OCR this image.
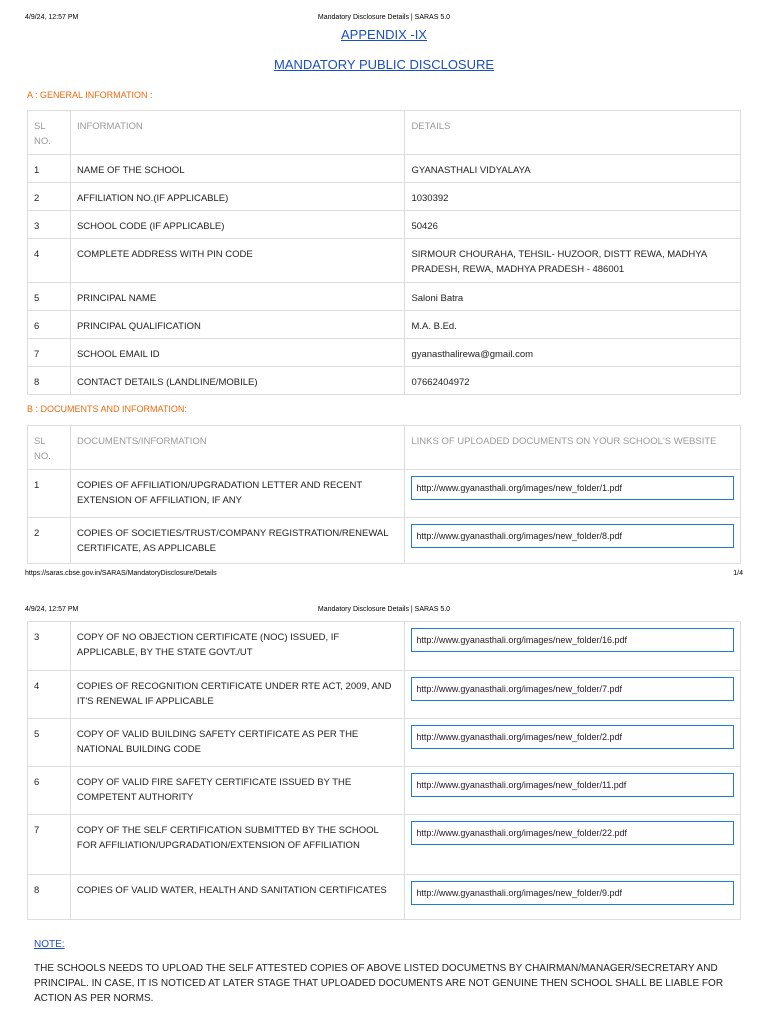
4/9/24, 12:57 PM	Mandatory Disclosure Details | SARAS 5.0
APPENDIX -IX
MANDATORY PUBLIC DISCLOSURE
A : GENERAL INFORMATION :
SL NO.	INFORMATION	DETAILS
1	NAME OF THE SCHOOL	GYANASTHALI VIDYALAYA
2	AFFILIATION NO.(IF APPLICABLE)	1030392
3	SCHOOL CODE (IF APPLICABLE)	50426
4	COMPLETE ADDRESS WITH PIN CODE	SIRMOUR CHOURAHA, TEHSIL- HUZOOR, DISTT REWA, MADHYA PRADESH, REWA, MADHYA PRADESH - 486001
5	PRINCIPAL NAME	Saloni Batra
6	PRINCIPAL QUALIFICATION	M.A. B.Ed.
7	SCHOOL EMAIL ID	gyanasthalirewa@gmail.com
8	CONTACT DETAILS (LANDLINE/MOBILE)	07662404972
B : DOCUMENTS AND INFORMATION:
SL NO.	DOCUMENTS/INFORMATION	LINKS OF UPLOADED DOCUMENTS ON YOUR SCHOOL'S WEBSITE
1	COPIES OF AFFILIATION/UPGRADATION LETTER AND RECENT EXTENSION OF AFFILIATION, IF ANY	http://www.gyanasthali.org/images/new_folder/1.pdf

2	COPIES OF SOCIETIES/TRUST/COMPANY REGISTRATION/RENEWAL CERTIFICATE, AS APPLICABLE	http://www.gyanasthali.org/images/new_folder/8.pdf
https://saras.cbse.gov.in/SARAS/MandatoryDisclosure/Details	1/4
4/9/24, 12:57 PM	Mandatory Disclosure Details | SARAS 5.0
3	COPY OF NO OBJECTION CERTIFICATE (NOC) ISSUED, IF APPLICABLE, BY THE STATE GOVT./UT	http://www.gyanasthali.org/images/new_folder/16.pdf

4	COPIES OF RECOGNITION CERTIFICATE UNDER RTE ACT, 2009, AND IT'S RENEWAL IF APPLICABLE	http://www.gyanasthali.org/images/new_folder/7.pdf

5	COPY OF VALID BUILDING SAFETY CERTIFICATE AS PER THE NATIONAL BUILDING CODE	http://www.gyanasthali.org/images/new_folder/2.pdf

6	COPY OF VALID FIRE SAFETY CERTIFICATE ISSUED BY THE COMPETENT AUTHORITY	http://www.gyanasthali.org/images/new_folder/11.pdf

7	COPY OF THE SELF CERTIFICATION SUBMITTED BY THE SCHOOL FOR AFFILIATION/UPGRADATION/EXTENSION OF AFFILIATION	http://www.gyanasthali.org/images/new_folder/22.pdf

8	COPIES OF VALID WATER, HEALTH AND SANITATION CERTIFICATES	http://www.gyanasthali.org/images/new_folder/9.pdf
NOTE:
THE SCHOOLS NEEDS TO UPLOAD THE SELF ATTESTED COPIES OF ABOVE LISTED DOCUMETNS BY CHAIRMAN/MANAGER/SECRETARY AND PRINCIPAL. IN CASE, IT IS NOTICED AT LATER STAGE THAT UPLOADED DOCUMENTS ARE NOT GENUINE THEN SCHOOL SHALL BE LIABLE FOR ACTION AS PER NORMS.
